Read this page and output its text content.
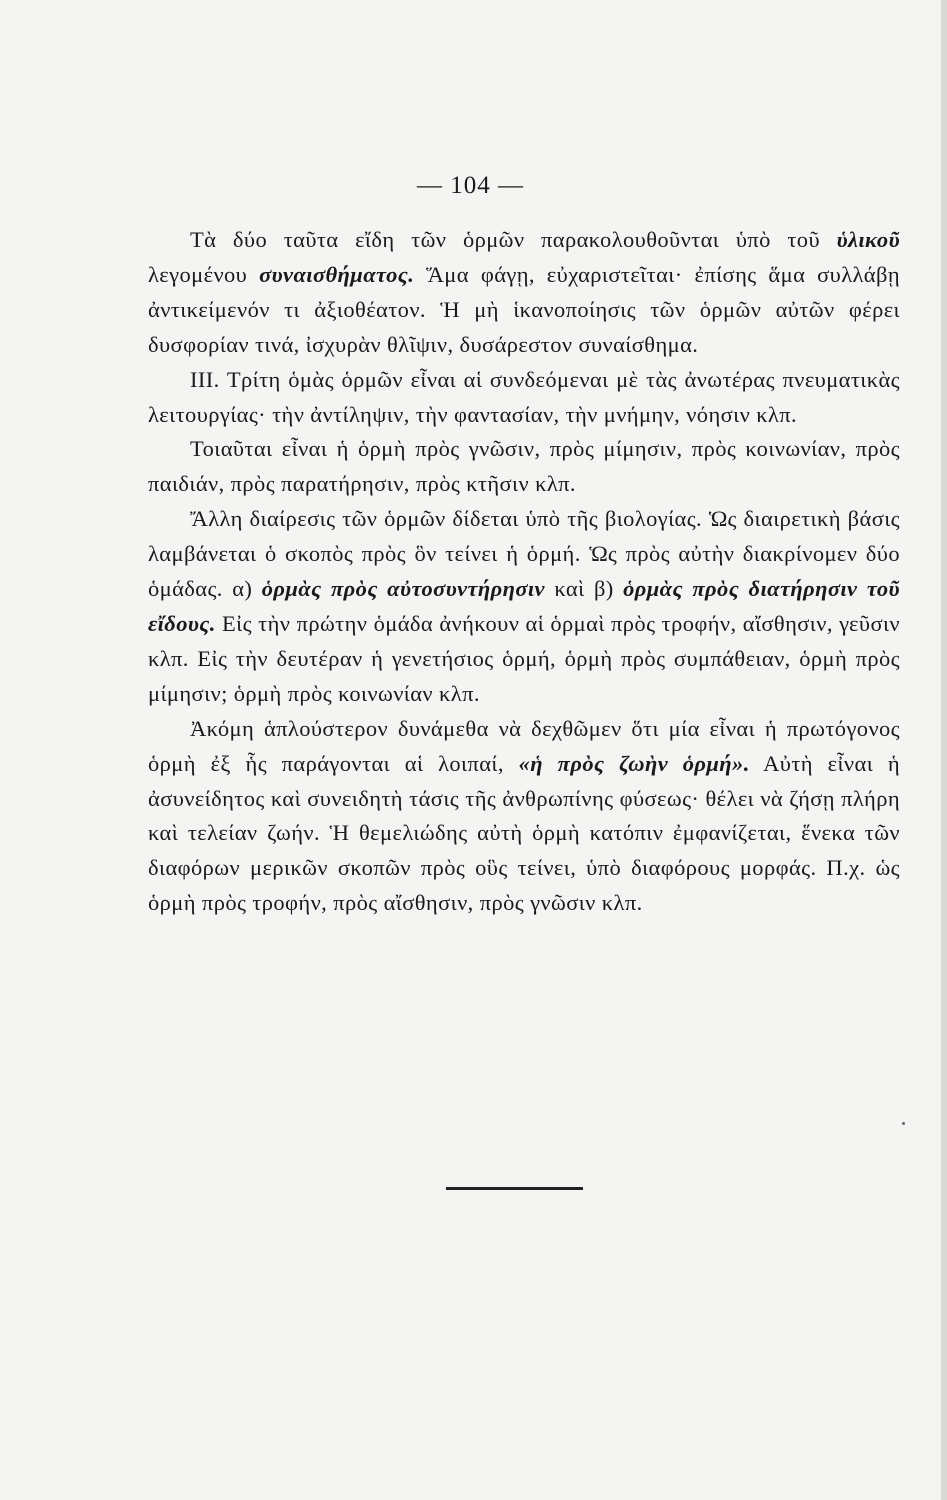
— 104 —

Τὰ δύο ταῦτα εἴδη τῶν ὁρμῶν παρακολουθοῦνται ὑπὸ τοῦ ὑλικοῦ λεγομένου συναισθήματος. Ἅμα φάγῃ, εὐχαριστεῖται· ἐπίσης ἅμα συλλάβῃ ἀντικείμενόν τι ἀξιοθέατον. Ἡ μὴ ἱκανοποίησις τῶν ὁρμῶν αὐτῶν φέρει δυσφορίαν τινά, ἰσχυρὰν θλῖψιν, δυσάρεστον συναίσθημα.

ΙΙΙ. Τρίτη ὁμὰς ὁρμῶν εἶναι αἱ συνδεόμεναι μὲ τὰς ἀνωτέρας πνευματικὰς λειτουργίας· τὴν ἀντίληψιν, τὴν φαντασίαν, τὴν μνήμην, νόησιν κλπ.

Τοιαῦται εἶναι ἡ ὁρμὴ πρὸς γνῶσιν, πρὸς μίμησιν, πρὸς κοινωνίαν, πρὸς παιδιάν, πρὸς παρατήρησιν, πρὸς κτῆσιν κλπ.

Ἄλλη διαίρεσις τῶν ὁρμῶν δίδεται ὑπὸ τῆς βιολογίας. Ὡς διαιρετικὴ βάσις λαμβάνεται ὁ σκοπὸς πρὸς ὃν τείνει ἡ ὁρμή. Ὡς πρὸς αὐτὴν διακρίνομεν δύο ὁμάδας. α) ὁρμὰς πρὸς αὐτοσυντήρησιν καὶ β) ὁρμὰς πρὸς διατήρησιν τοῦ εἴδους. Εἰς τὴν πρώτην ὁμάδα ἀνήκουν αἱ ὁρμαὶ πρὸς τροφήν, αἴσθησιν, γεῦσιν κλπ. Εἰς τὴν δευτέραν ἡ γενετήσιος ὁρμή, ὁρμὴ πρὸς συμπάθειαν, ὁρμὴ πρὸς μίμησιν; ὁρμὴ πρὸς κοινωνίαν κλπ.

Ἀκόμη ἁπλούστερον δυνάμεθα νὰ δεχθῶμεν ὅτι μία εἶναι ἡ πρωτόγονος ὁρμὴ ἐξ ἧς παράγονται αἱ λοιπαί, «ἡ πρὸς ζωὴν ὁρμή». Αὐτὴ εἶναι ἡ ἀσυνείδητος καὶ συνειδητὴ τάσις τῆς ἀνθρωπίνης φύσεως· θέλει νὰ ζήσῃ πλήρη καὶ τελείαν ζωήν. Ἡ θεμελιώδης αὐτὴ ὁρμὴ κατόπιν ἐμφανίζεται, ἕνεκα τῶν διαφόρων μερικῶν σκοπῶν πρὸς οὓς τείνει, ὑπὸ διαφόρους μορφάς. Π.χ. ὡς ὁρμὴ πρὸς τροφήν, πρὸς αἴσθησιν, πρὸς γνῶσιν κλπ.
